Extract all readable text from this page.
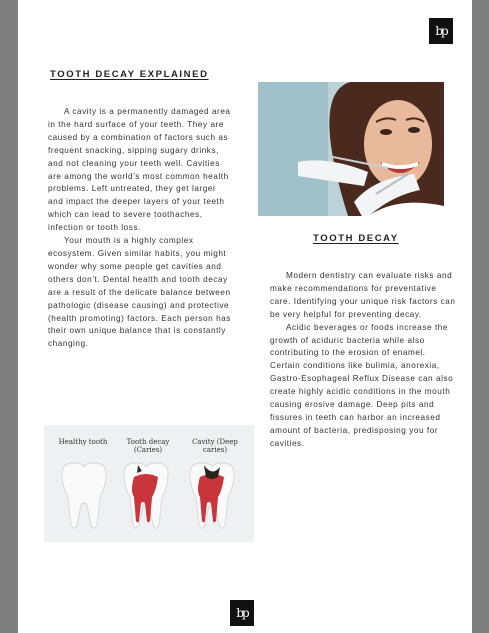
bp
TOOTH DECAY EXPLAINED

A cavity is a permanently damaged area in the hard surface of your teeth. They are caused by a combination of factors such as frequent snacking, sipping sugary drinks, and not cleaning your teeth well. Cavities are among the world’s most common health problems. Left untreated, they get larger and impact the deeper layers of your teeth which can lead to severe toothaches, infection or tooth loss.

Your mouth is a highly complex ecosystem. Given similar habits, you might wonder why some people get cavities and others don’t. Dental health and tooth decay are a result of the delicate balance between pathologic (disease causing) and protective (health promoting) factors. Each person has their own unique balance that is constantly changing.

TOOTH DECAY

Modern dentistry can evaluate risks and make recommendations for preventative care. Identifying your unique risk factors can be very helpful for preventing decay.

Acidic beverages or foods increase the growth of aciduric bacteria while also contributing to the erosion of enamel. Certain conditions like bulimia, anorexia, Gastro-Esophageal Reflux Disease can also create highly acidic conditions in the mouth causing erosive damage. Deep pits and fissures in teeth can harbor an increased amount of bacteria, predisposing you for cavities.

Healthy tooth	Tooth decay (Caries)
Cavity (Deep caries)
bp
